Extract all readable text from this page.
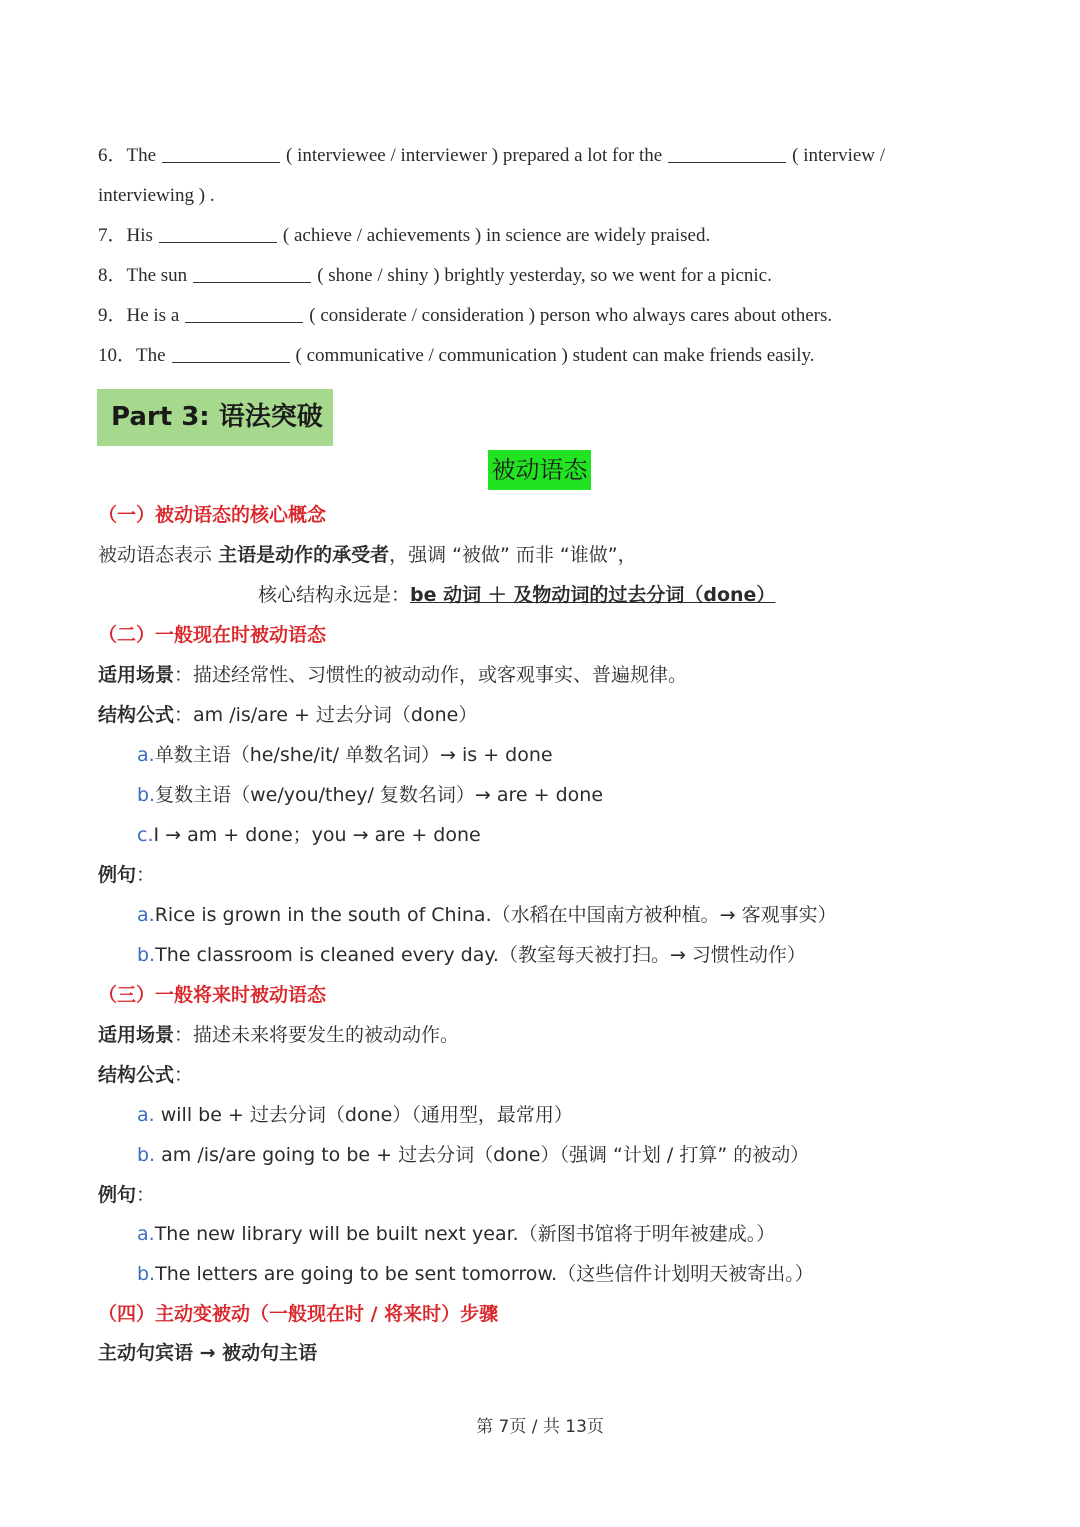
6．The	( interviewee / interviewer ) prepared a lot for the	( interview /
interviewing ) .
7．His	( achieve / achievements ) in science are widely praised.
8．The sun	( shone / shiny ) brightly yesterday, so we went for a picnic.
9．He is a	( considerate / consideration ) person who always cares about others.
10．The	( communicative / communication ) student can make friends easily.
Part 3: 语法突破
被动语态
（一）被动语态的核心概念
被动语态表示 主语是动作的承受者，强调 “被做” 而非 “谁做”，
核心结构永远是：be 动词 ＋ 及物动词的过去分词（done）
（二）一般现在时被动语态
适用场景：描述经常性、习惯性的被动动作，或客观事实、普遍规律。
结构公式：am /is/are + 过去分词（done）
a.单数主语（he/she/it/ 单数名词）→ is + done
b.复数主语（we/you/they/ 复数名词）→ are + done
c.I → am + done；you → are + done
例句：
a.Rice is grown in the south of China.（水稻在中国南方被种植。→ 客观事实）
b.The classroom is cleaned every day.（教室每天被打扫。→ 习惯性动作）
（三）一般将来时被动语态
适用场景：描述未来将要发生的被动动作。
结构公式：
a. will be + 过去分词（done）（通用型，最常用）
b. am /is/are going to be + 过去分词（done）（强调 “计划 / 打算” 的被动）
例句：
a.The new library will be built next year.（新图书馆将于明年被建成。）
b.The letters are going to be sent tomorrow.（这些信件计划明天被寄出。）
（四）主动变被动（一般现在时 / 将来时）步骤
主动句宾语 → 被动句主语
第 7页 / 共 13页
